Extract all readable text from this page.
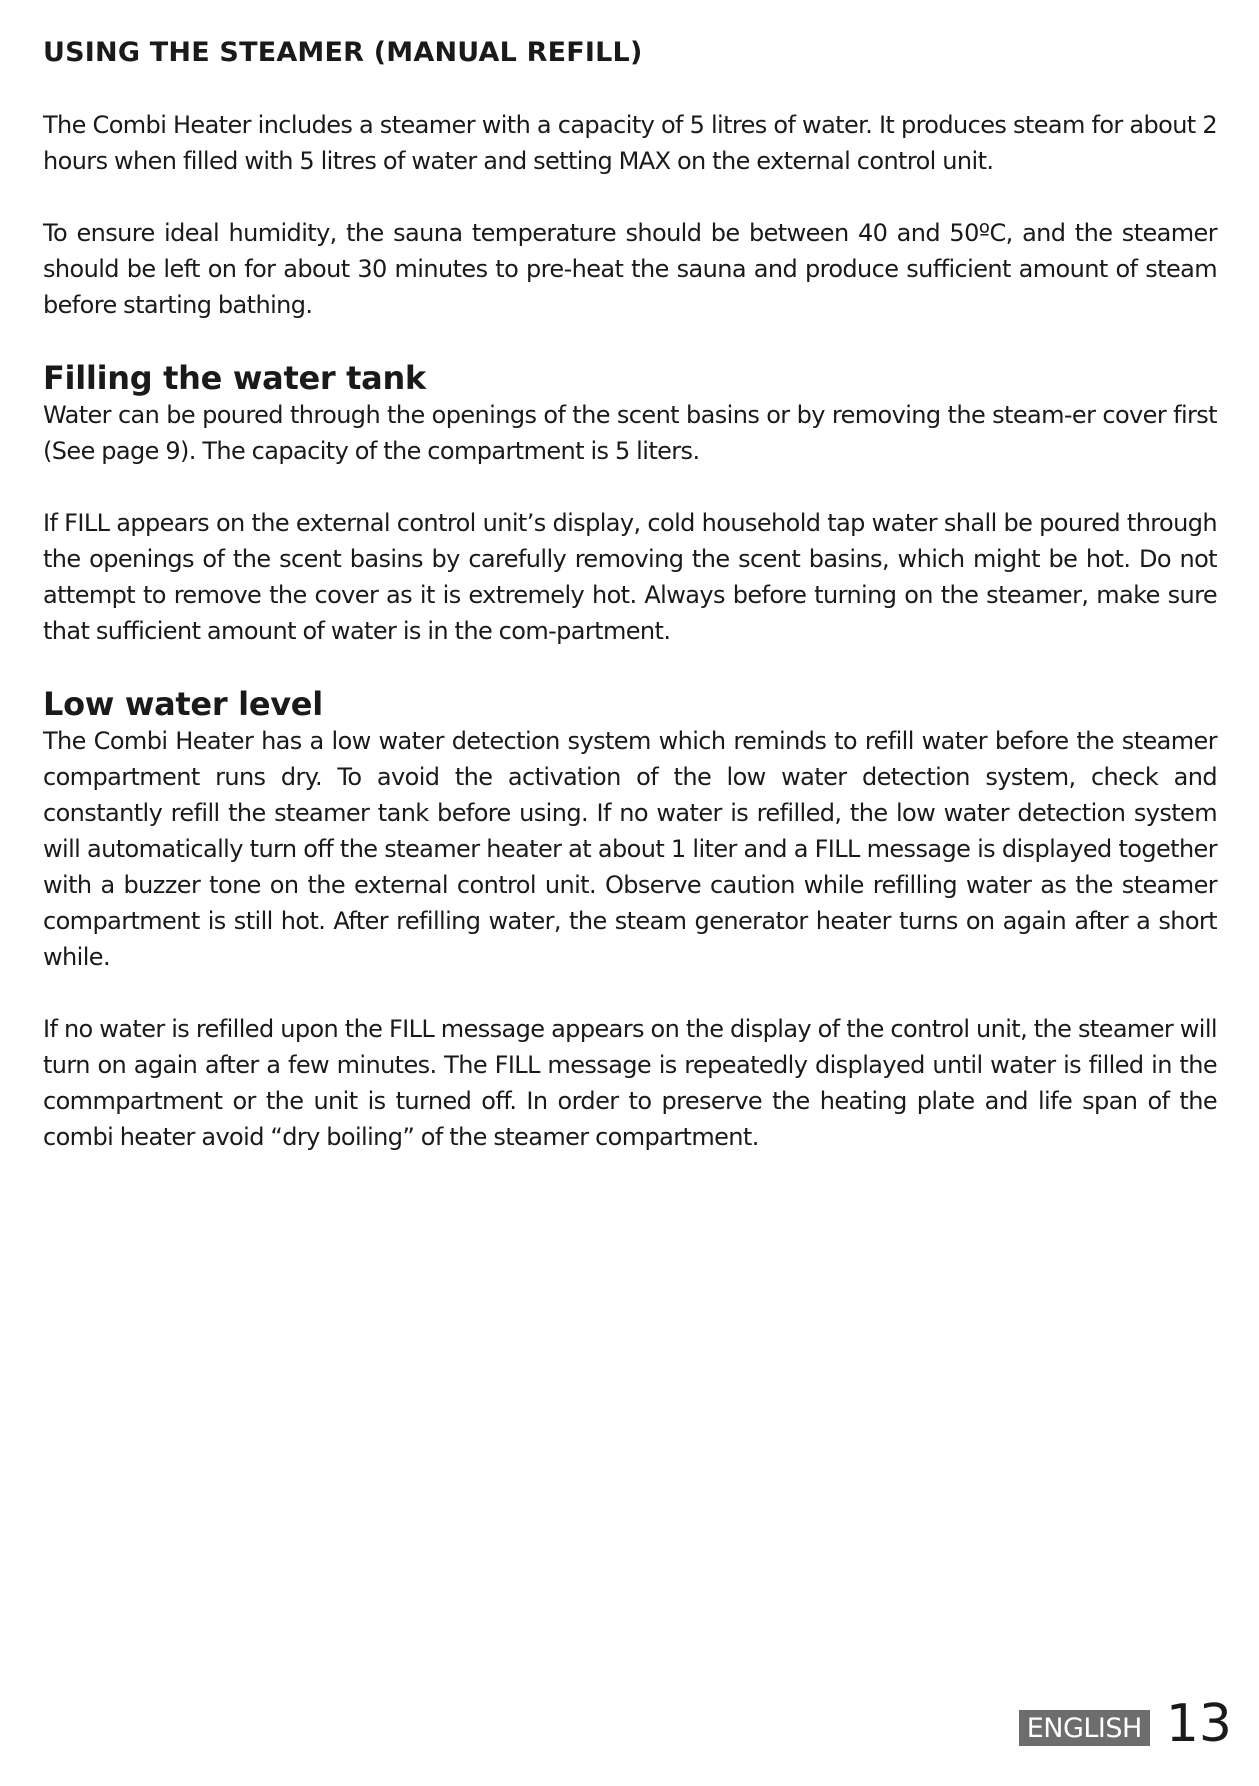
USING THE STEAMER (MANUAL REFILL)

The Combi Heater includes a steamer with a capacity of 5 litres of water. It produces steam for about 2 hours when filled with 5 litres of water and setting MAX on the external control unit.

To ensure ideal humidity, the sauna temperature should be between 40 and 50ºC, and the steamer should be left on for about 30 minutes to pre-heat the sauna and produce sufficient amount of steam before starting bathing.

Filling the water tank

Water can be poured through the openings of the scent basins or by removing the steam-er cover first (See page 9). The capacity of the compartment is 5 liters.

If FILL appears on the external control unit’s display, cold household tap water shall be poured through the openings of the scent basins by carefully removing the scent basins, which might be hot. Do not attempt to remove the cover as it is extremely hot. Always before turning on the steamer, make sure that sufficient amount of water is in the com-partment.

Low water level

The Combi Heater has a low water detection system which reminds to refill water before the steamer compartment runs dry. To avoid the activation of the low water detection system, check and constantly refill the steamer tank before using. If no water is refilled, the low water detection system will automatically turn off the steamer heater at about 1 liter and a FILL message is displayed together with a buzzer tone on the external control unit. Observe caution while refilling water as the steamer compartment is still hot. After refilling water, the steam generator heater turns on again after a short while.

If no water is refilled upon the FILL message appears on the display of the control unit, the steamer will turn on again after a few minutes. The FILL message is repeatedly displayed until water is filled in the commpartment or the unit is turned off. In order to preserve the heating plate and life span of the combi heater avoid “dry boiling” of the steamer compartment.

ENGLISH 13
